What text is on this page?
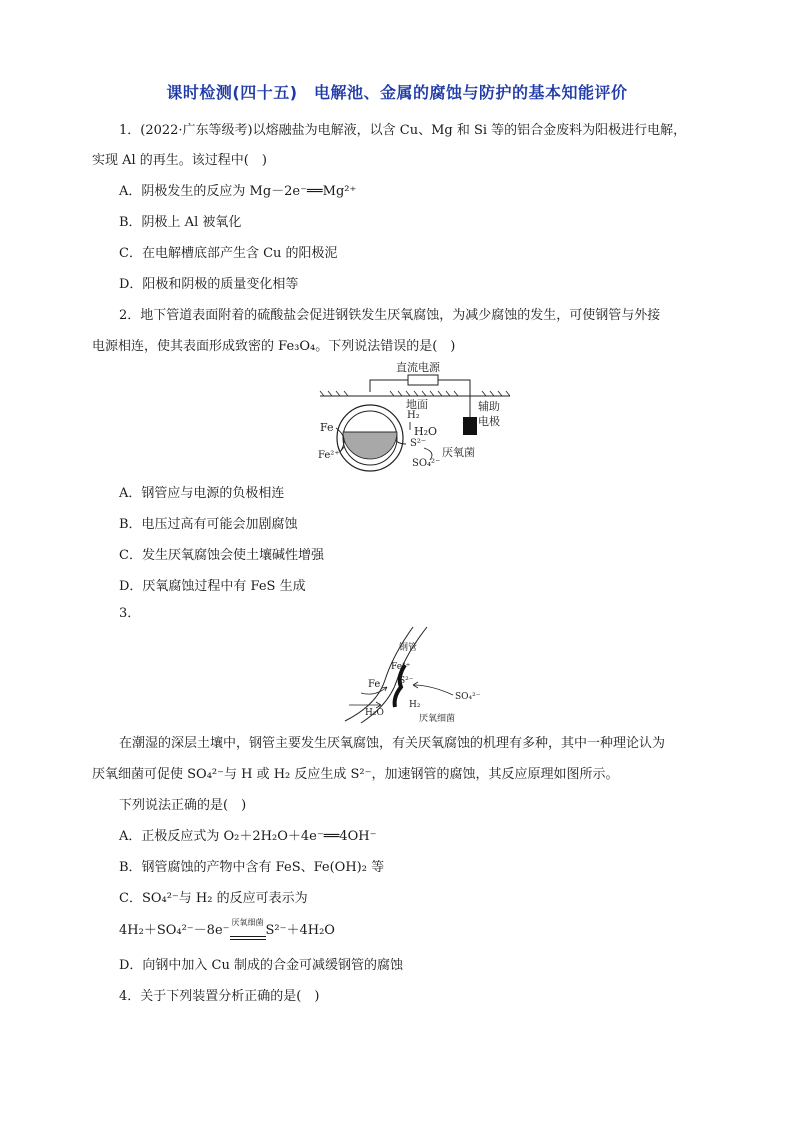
课时检测(四十五)　电解池、金属的腐蚀与防护的基本知能评价
1．(2022·广东等级考)以熔融盐为电解液，以含 Cu、Mg 和 Si 等的铝合金废料为阳极进行电解，
实现 Al 的再生。该过程中(　)
A．阴极发生的反应为 Mg－2e⁻══Mg²⁺
B．阴极上 Al 被氧化
C．在电解槽底部产生含 Cu 的阳极泥
D．阳极和阴极的质量变化相等
2．地下管道表面附着的硫酸盐会促进钢铁发生厌氧腐蚀，为减少腐蚀的发生，可使钢管与外接
电源相连，使其表面形成致密的 Fe₃O₄。下列说法错误的是(　)
直流电源
地面
Fe
Fe²⁺
H₂
H₂O
S²⁻
SO₄²⁻
厌氧菌
辅助
电极
A．钢管应与电源的负极相连
B．电压过高有可能会加剧腐蚀
C．发生厌氧腐蚀会使土壤碱性增强
D．厌氧腐蚀过程中有 FeS 生成
3．
钢管
Fe²⁺
Fe S²⁻
SO₄²⁻
H₂O
H₂
厌氧细菌
在潮湿的深层土壤中，钢管主要发生厌氧腐蚀，有关厌氧腐蚀的机理有多种，其中一种理论认为
厌氧细菌可促使 SO₄²⁻与 H 或 H₂ 反应生成 S²⁻，加速钢管的腐蚀，其反应原理如图所示。
下列说法正确的是(　)
A．正极反应式为 O₂＋2H₂O＋4e⁻══4OH⁻
B．钢管腐蚀的产物中含有 FeS、Fe(OH)₂ 等
C．SO₄²⁻与 H₂ 的反应可表示为
4H₂＋SO₄²⁻－8e⁻
厌氧细菌
S²⁻＋4H₂O
D．向钢中加入 Cu 制成的合金可减缓钢管的腐蚀
4．关于下列装置分析正确的是(　)
